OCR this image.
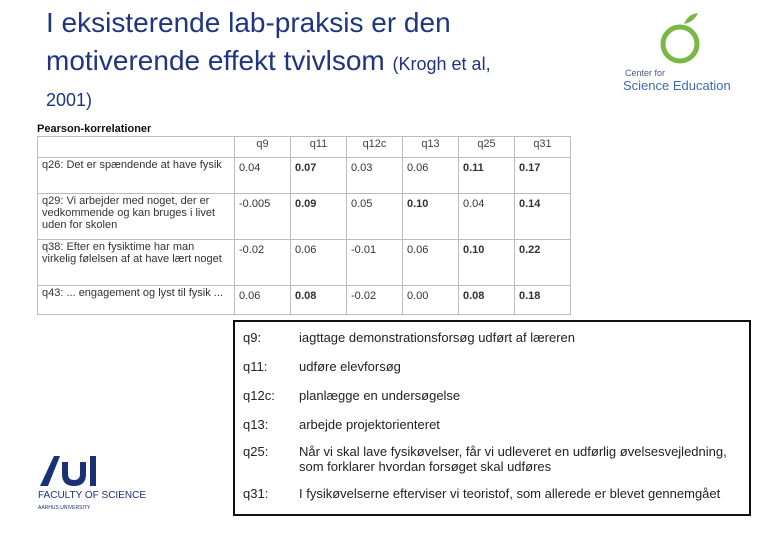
I eksisterende lab-praksis er den motiverende effekt tvivlsom (Krogh et al,
2001)
Center for
Science Education
Pearson-korrelationer
	q9	q11	q12c	q13	q25	q31
q26: Det er spændende at have fysik	0.04	0.07	0.03	0.06	0.11	0.17
q29: Vi arbejder med noget, der er vedkommende og kan bruges i livet uden for skolen	-0.005	0.09	0.05	0.10	0.04	0.14
q38: Efter en fysiktime har man virkelig følelsen af at have lært noget	-0.02	0.06	-0.01	0.06	0.10	0.22
q43: ... engagement og lyst til fysik ...	0.06	0.08	-0.02	0.00	0.08	0.18
q9:	iagttage demonstrationsforsøg udført af læreren
q11:	udføre elevforsøg
q12c:	planlægge en undersøgelse
q13:	arbejde projektorienteret
q25:	Når vi skal lave fysikøvelser, får vi udleveret en udførlig øvelsesvejledning, som forklarer hvordan forsøget skal udføres
q31:	I fysikøvelserne efterviser vi teoristof, som allerede er blevet gennemgået
FACULTY OF SCIENCE
AARHUS UNIVERSITY
